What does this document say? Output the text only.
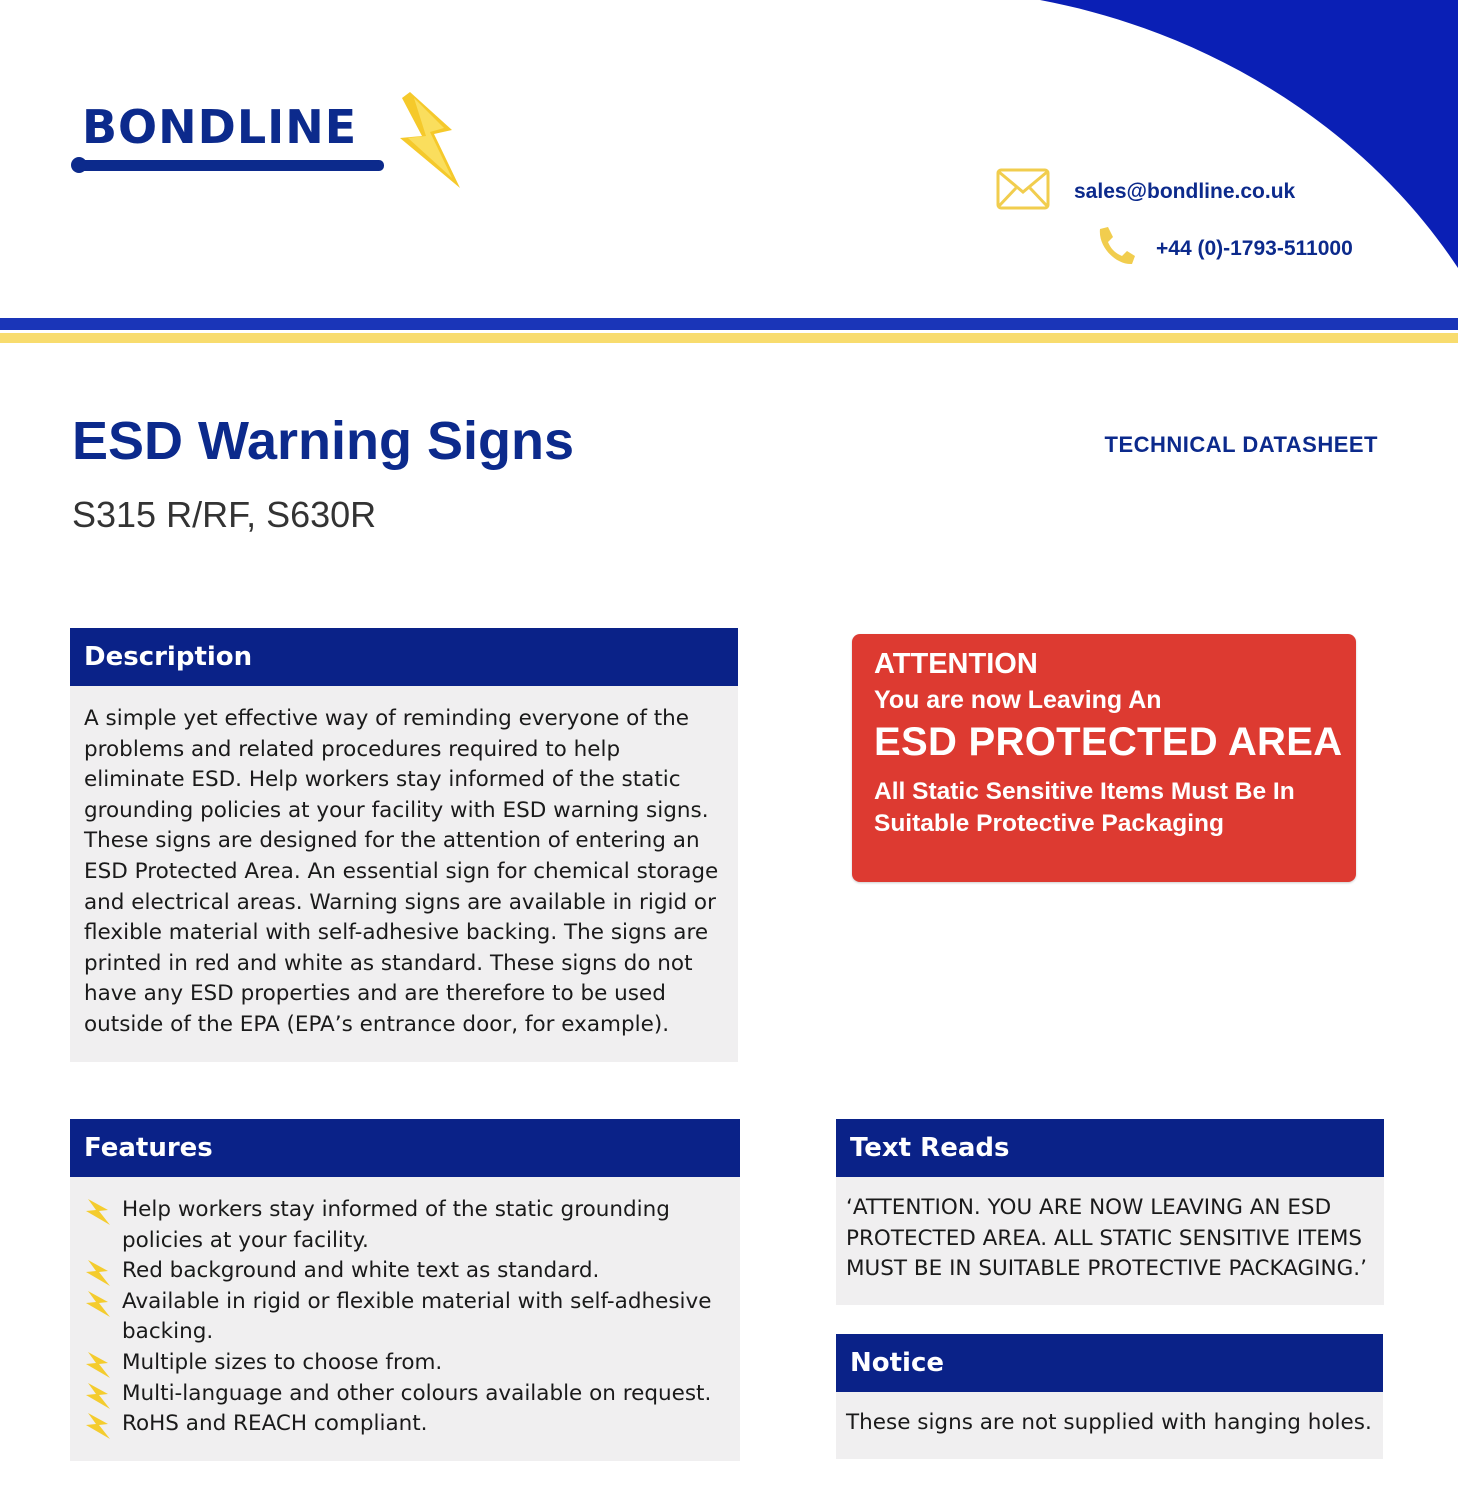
BONDLINE
sales@bondline.co.uk
+44 (0)-1793-511000
ESD Warning Signs
S315 R/RF, S630R
TECHNICAL DATASHEET
Description
A simple yet effective way of reminding everyone of the problems and related procedures required to help eliminate ESD. Help workers stay informed of the static grounding policies at your facility with ESD warning signs. These signs are designed for the attention of entering an ESD Protected Area. An essential sign for chemical storage and electrical areas. Warning signs are available in rigid or flexible material with self-adhesive backing. The signs are printed in red and white as standard. These signs do not have any ESD properties and are therefore to be used outside of the EPA (EPA’s entrance door, for example).
ATTENTION
You are now Leaving An
ESD PROTECTED AREA
All Static Sensitive Items Must Be In Suitable Protective Packaging
Features
Help workers stay informed of the static grounding policies at your facility.
Red background and white text as standard.
Available in rigid or flexible material with self-adhesive backing.
Multiple sizes to choose from.
Multi-language and other colours available on request.
RoHS and REACH compliant.
Text Reads
‘ATTENTION. YOU ARE NOW LEAVING AN ESD PROTECTED AREA. ALL STATIC SENSITIVE ITEMS MUST BE IN SUITABLE PROTECTIVE PACKAGING.’
Notice
These signs are not supplied with hanging holes.
